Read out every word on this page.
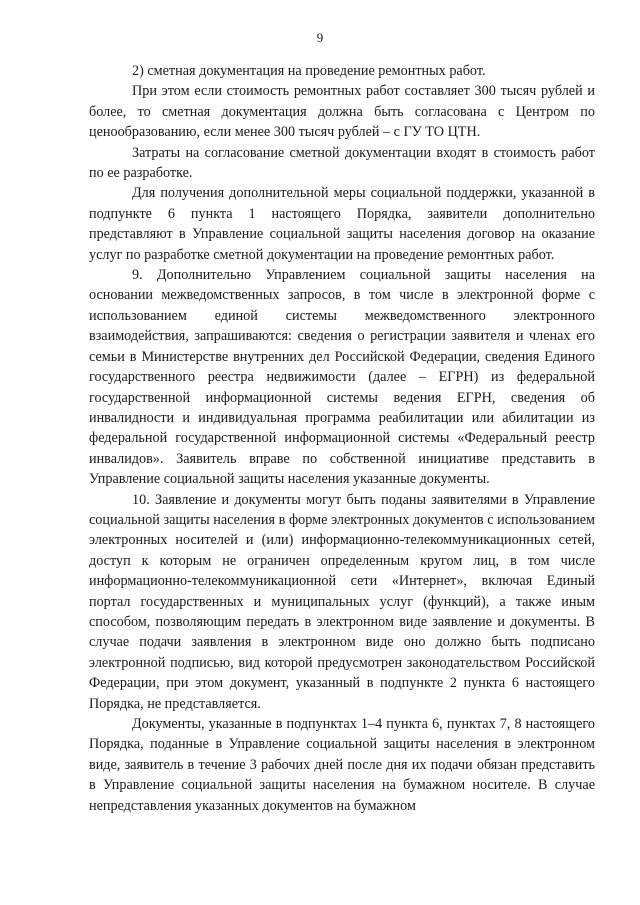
9

2) сметная документация на проведение ремонтных работ.

При этом если стоимость ремонтных работ составляет 300 тысяч рублей и более, то сметная документация должна быть согласована с Центром по ценообразованию, если менее 300 тысяч рублей – с ГУ ТО ЦТН.

Затраты на согласование сметной документации входят в стоимость работ по ее разработке.

Для получения дополнительной меры социальной поддержки, указанной в подпункте 6 пункта 1 настоящего Порядка, заявители дополнительно представляют в Управление социальной защиты населения договор на оказание услуг по разработке сметной документации на проведение ремонтных работ.

9. Дополнительно Управлением социальной защиты населения на основании межведомственных запросов, в том числе в электронной форме с использованием единой системы межведомственного электронного взаимодействия, запрашиваются: сведения о регистрации заявителя и членах его семьи в Министерстве внутренних дел Российской Федерации, сведения Единого государственного реестра недвижимости (далее – ЕГРН) из федеральной государственной информационной системы ведения ЕГРН, сведения об инвалидности и индивидуальная программа реабилитации или абилитации из федеральной государственной информационной системы «Федеральный реестр инвалидов». Заявитель вправе по собственной инициативе представить в Управление социальной защиты населения указанные документы.

10. Заявление и документы могут быть поданы заявителями в Управление социальной защиты населения в форме электронных документов с использованием электронных носителей и (или) информационно-телекоммуникационных сетей, доступ к которым не ограничен определенным кругом лиц, в том числе информационно-телекоммуникационной сети «Интернет», включая Единый портал государственных и муниципальных услуг (функций), а также иным способом, позволяющим передать в электронном виде заявление и документы. В случае подачи заявления в электронном виде оно должно быть подписано электронной подписью, вид которой предусмотрен законодательством Российской Федерации, при этом документ, указанный в подпункте 2 пункта 6 настоящего Порядка, не представляется.

Документы, указанные в подпунктах 1–4 пункта 6, пунктах 7, 8 настоящего Порядка, поданные в Управление социальной защиты населения в электронном виде, заявитель в течение 3 рабочих дней после дня их подачи обязан представить в Управление социальной защиты населения на бумажном носителе. В случае непредставления указанных документов на бумажном
